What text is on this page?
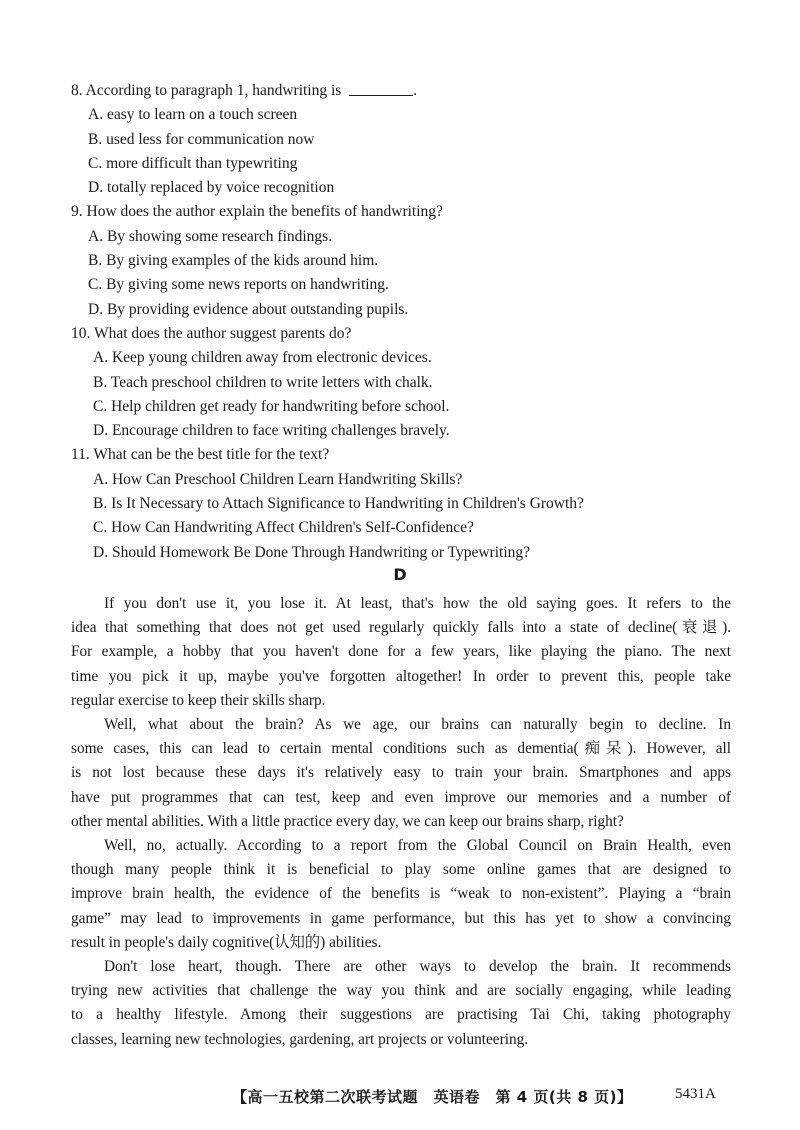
8. According to paragraph 1, handwriting is	.
A. easy to learn on a touch screen
B. used less for communication now
C. more difficult than typewriting
D. totally replaced by voice recognition
9. How does the author explain the benefits of handwriting?
A. By showing some research findings.
B. By giving examples of the kids around him.
C. By giving some news reports on handwriting.
D. By providing evidence about outstanding pupils.
10. What does the author suggest parents do?
A. Keep young children away from electronic devices.
B. Teach preschool children to write letters with chalk.
C. Help children get ready for handwriting before school.
D. Encourage children to face writing challenges bravely.
11. What can be the best title for the text?
A. How Can Preschool Children Learn Handwriting Skills?
B. Is It Necessary to Attach Significance to Handwriting in Children's Growth?
C. How Can Handwriting Affect Children's Self-Confidence?
D. Should Homework Be Done Through Handwriting or Typewriting?
D

If you don't use it, you lose it. At least, that's how the old saying goes. It refers to the
idea that something that does not get used regularly quickly falls into a state of decline(衰退).
For example, a hobby that you haven't done for a few years, like playing the piano. The next
time you pick it up, maybe you've forgotten altogether! In order to prevent this, people take
regular exercise to keep their skills sharp.

Well, what about the brain? As we age, our brains can naturally begin to decline. In
some cases, this can lead to certain mental conditions such as dementia(痴呆). However, all
is not lost because these days it's relatively easy to train your brain. Smartphones and apps
have put programmes that can test, keep and even improve our memories and a number of
other mental abilities. With a little practice every day, we can keep our brains sharp, right?

Well, no, actually. According to a report from the Global Council on Brain Health, even
though many people think it is beneficial to play some online games that are designed to
improve brain health, the evidence of the benefits is “weak to non-existent”. Playing a “brain
game” may lead to improvements in game performance, but this has yet to show a convincing
result in people's daily cognitive(认知的) abilities.

Don't lose heart, though. There are other ways to develop the brain. It recommends
trying new activities that challenge the way you think and are socially engaging, while leading
to a healthy lifestyle. Among their suggestions are practising Tai Chi, taking photography
classes, learning new technologies, gardening, art projects or volunteering.

【高一五校第二次联考试题　英语卷　第 4 页(共 8 页)】	5431A
